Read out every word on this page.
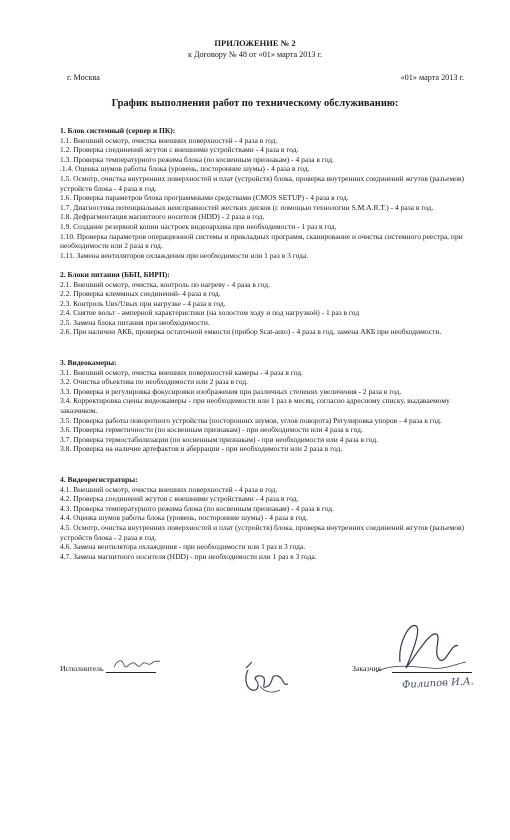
ПРИЛОЖЕНИЕ № 2
к Договору № 48 от «01» марта 2013 г.
г. Москва	«01» марта 2013 г.
График выполнения работ по техническому обслуживанию:

1. Блок системный (сервер и ПК):

1.1. Внешний осмотр, очистка внешних поверхностей - 4 раза в год.

1.2. Проверка соединений жгутов с внешними устройствами - 4 раза в год.

1.3. Проверка температурного режима блока (по косвенным признакам) - 4 раза в год.

.1.4. Оценка шумов работы блока (уровень, посторонние шумы) - 4 раза в год.

1.5. Осмотр, очистка внутренних поверхностей и плат (устройств) блока, проверка внутренних соединений жгутов (разъемов) устройств блока - 4 раза в год.

1.6. Проверка параметров блока программными средствами (CMOS SETUP) - 4 раза в год.

1.7. Диагностика потенциальных неисправностей жестких дисков (с помощью технологии S.M.A.R.T.) - 4 раза в год.

1.8. Дефрагментация магнитного носителя (HDD) - 2 раза в год.

1.9. Создание резервной копии настроек видеоархива при необходимости - 1 раз в год.

1.10. Проверка параметров операционной системы и прикладных программ, сканирование и очистка системного реестра, при необходимости или 2 раза в год.

1.11. Замена вентиляторов охлаждения при необходимости или 1 раз в 3 года.

2. Блоки питания (ББП, БИРП):

2.1. Внешний осмотр, очистка, контроль по нагреву - 4 раза в год.

2.2. Проверка клеммных соединений- 4 раза в год.

2.3. Контроль Uвх/Uвых при нагрузке - 4 раза в год.

2.4. Снятие вольт - амперной характеристики (на холостом ходу и под нагрузкой) - 1 раз в год

2.5. Замена блока питания при необходимости.

2.6. При наличии АКБ, проверка остаточной емкости (прибор Scat-auto) - 4 раза в год, замена АКБ при необходимости.

3. Видеокамеры:

3.1. Внешний осмотр, очистка внешних поверхностей камеры - 4 раза в год.

3.2. Очистка объектива по необходимости или 2 раза в год.

3.3. Проверка и регулировка фокусировки изображения при различных степенях увеличения - 2 раза в год.

3.4. Корректировка сцены видеокамеры - при необходимости или 1 раз в месяц, согласно адресному списку, выдаваемому заказчиком.

3.5. Проверка работы поворотного устройства (посторонних шумов, углов поворота) Регулировка упоров - 4 раза в год.

3.6. Проверка герметичности (по косвенным признакам) - при необходимости или 4 раза в год.

3.7. Проверка термостабилизации (по косвенным признакам) - при необходимости или 4 раза в год.

3.8. Проверка на наличие артефактов и аберрации - при необходимости или 2 раза в год.

4. Видеорегистраторы:

4.1. Внешний осмотр, очистка внешних поверхностей - 4 раза в год.

4.2. Проверка соединений жгутов с внешними устройствами - 4 раза в год.

4.3. Проверка температурного режима блока (по косвенным признакам) - 4 раза в год.

4.4. Оценка шумов работы блока (уровень, посторонние шумы) - 4 раза в год.

4.5. Осмотр, очистка внутренних поверхностей и плат (устройств) блока, проверка внутренних соединений жгутов (разъемов) устройств блока - 2 раза в год.

4.6. Замена вентилятора охлаждения - при необходимости или 1 раз в 3 года.

4.7. Замена магнитного носителя (HDD) - при необходимости или 1 раз в 3 года.

Исполнитель	Заказчик
Филипов И.А.
